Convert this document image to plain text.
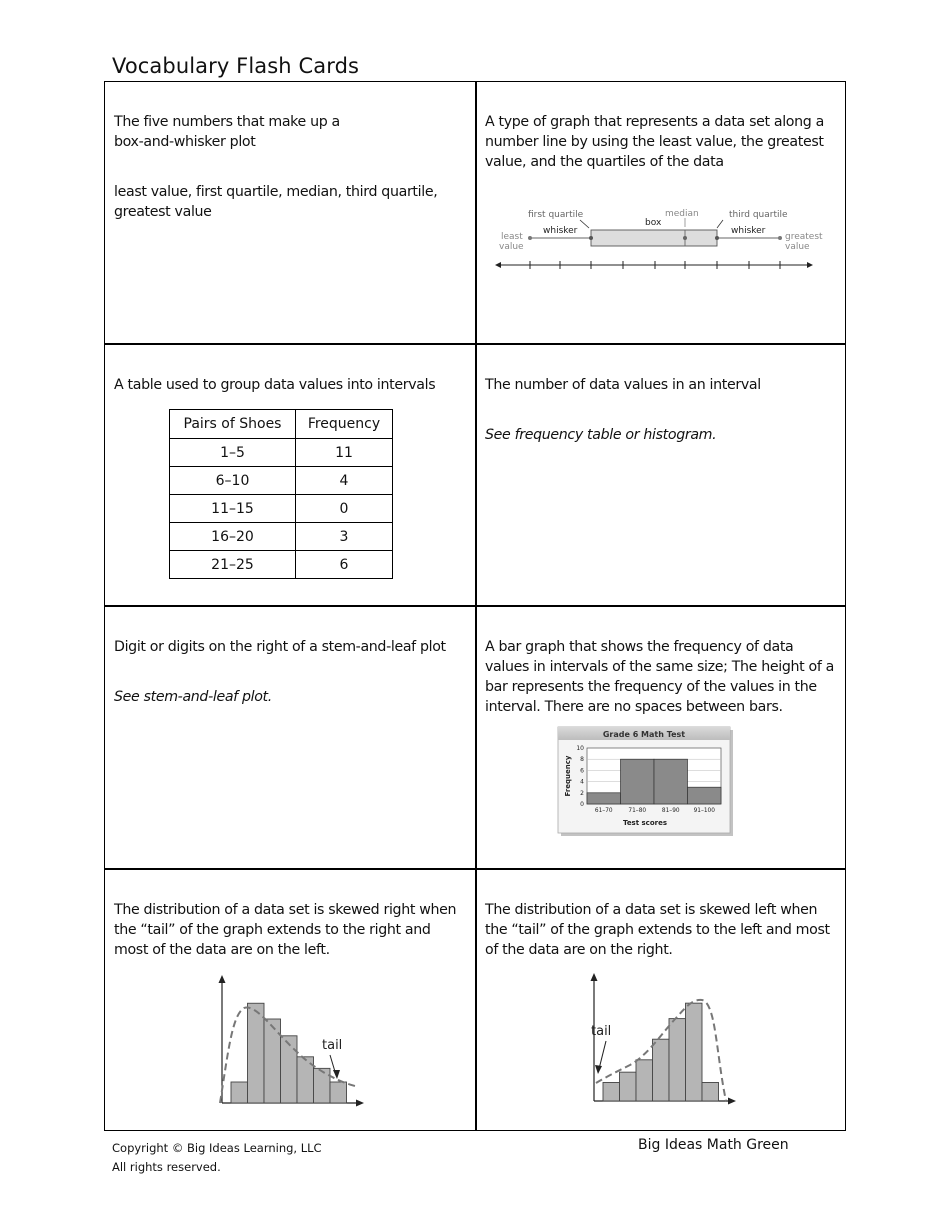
Vocabulary Flash Cards
The five numbers that make up a
box-and-whisker plot
least value, first quartile, median, third quartile, greatest value
A type of graph that represents a data set along a number line by using the least value, the greatest value, and the quartiles of the data
first quartile	median	third quartile
box
whisker	whisker
least
value
greatest
value
A table used to group data values into intervals
Pairs of Shoes	Frequency
1–5	11
6–10	4
11–15	0
16–20	3
21–25	6
The number of data values in an interval
See frequency table or histogram.
Digit or digits on the right of a stem-and-leaf plot
See stem-and-leaf plot.
A bar graph that shows the frequency of data values in intervals of the same size; The height of a bar represents the frequency of the values in the interval. There are no spaces between bars.
Grade 6 Math Test
0
2
4
6
8
10
61–70	71–80	81–90 91–100
Test scores
Frequency
The distribution of a data set is skewed right when the “tail” of the graph extends to the right and most of the data are on the left.
tail
The distribution of a data set is skewed left when the “tail” of the graph extends to the left and most of the data are on the right.
tail
Copyright © Big Ideas Learning, LLC
All rights reserved.
Big Ideas Math Green
